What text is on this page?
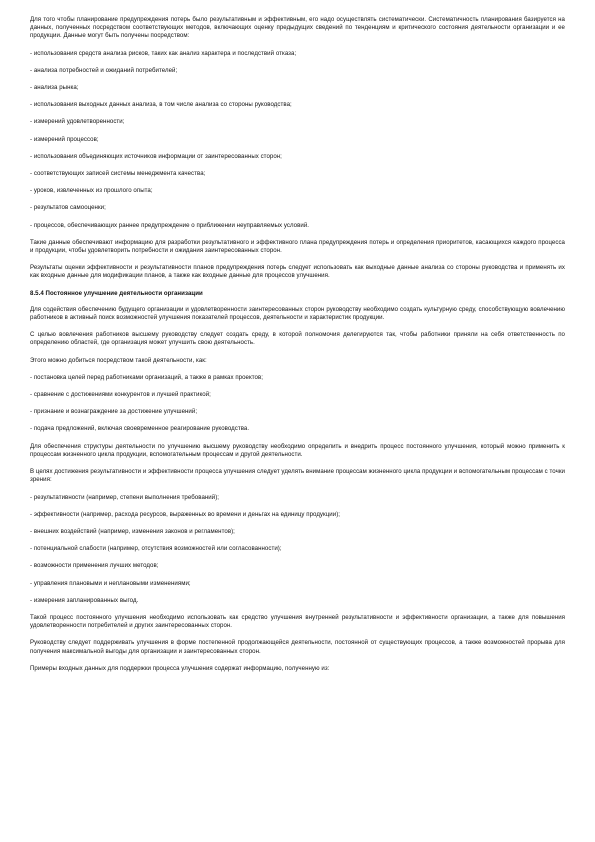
Для того чтобы планирование предупреждения потерь было результативным и эффективным, его надо осуществлять систематически. Систематичность планирования базируется на данных, полученных посредством соответствующих методов, включающих оценку предыдущих сведений по тенденциям и критического состояния деятельности организации и ее продукции. Данные могут быть получены посредством:

- использования средств анализа рисков, таких как анализ характера и последствий отказа;

- анализа потребностей и ожиданий потребителей;

- анализа рынка;

- использования выходных данных анализа, в том числе анализа со стороны руководства;

- измерений удовлетворенности;

- измерений процессов;

- использования объединяющих источников информации от заинтересованных сторон;

- соответствующих записей системы менеджмента качества;

- уроков, извлеченных из прошлого опыта;

- результатов самооценки;

- процессов, обеспечивающих раннее предупреждение о приближении неуправляемых условий.

Такие данные обеспечивают информацию для разработки результативного и эффективного плана предупреждения потерь и определения приоритетов, касающихся каждого процесса и продукции, чтобы удовлетворить потребности и ожидания заинтересованных сторон.

Результаты оценки эффективности и результативности планов предупреждения потерь следует использовать как выходные данные анализа со стороны руководства и применять их как входные данные для модификации планов, а также как входные данные для процессов улучшения.

8.5.4 Постоянное улучшение деятельности организации

Для содействия обеспечению будущего организации и удовлетворенности заинтересованных сторон руководству необходимо создать культурную среду, способствующую вовлечению работников в активный поиск возможностей улучшения показателей процессов, деятельности и характеристик продукции.

С целью вовлечения работников высшему руководству следует создать среду, в которой полномочия делегируются так, чтобы работники приняли на себя ответственность по определению областей, где организация может улучшить свою деятельность.

Этого можно добиться посредством такой деятельности, как:

- постановка целей перед работниками организаций, а также в рамках проектов;

- сравнение с достижениями конкурентов и лучшей практикой;

- признание и вознаграждение за достижение улучшений;

- подача предложений, включая своевременное реагирование руководства.

Для обеспечения структуры деятельности по улучшению высшему руководству необходимо определить и внедрить процесс постоянного улучшения, который можно применить к процессам жизненного цикла продукции, вспомогательным процессам и другой деятельности.

В целях достижения результативности и эффективности процесса улучшения следует уделять внимание процессам жизненного цикла продукции и вспомогательным процессам с точки зрения:

- результативности (например, степени выполнения требований);

- эффективности (например, расхода ресурсов, выраженных во времени и деньгах на единицу продукции);

- внешних воздействий (например, изменения законов и регламентов);

- потенциальной слабости (например, отсутствия возможностей или согласованности);

- возможности применения лучших методов;

- управления плановыми и неплановыми изменениями;

- измерения запланированных выгод.

Такой процесс постоянного улучшения необходимо использовать как средство улучшения внутренней результативности и эффективности организации, а также для повышения удовлетворенности потребителей и других заинтересованных сторон.

Руководству следует поддерживать улучшения в форме постепенной продолжающейся деятельности, постоянной от существующих процессов, а также возможностей прорыва для получения максимальной выгоды для организации и заинтересованных сторон.

Примеры входных данных для поддержки процесса улучшения содержат информацию, полученную из:
